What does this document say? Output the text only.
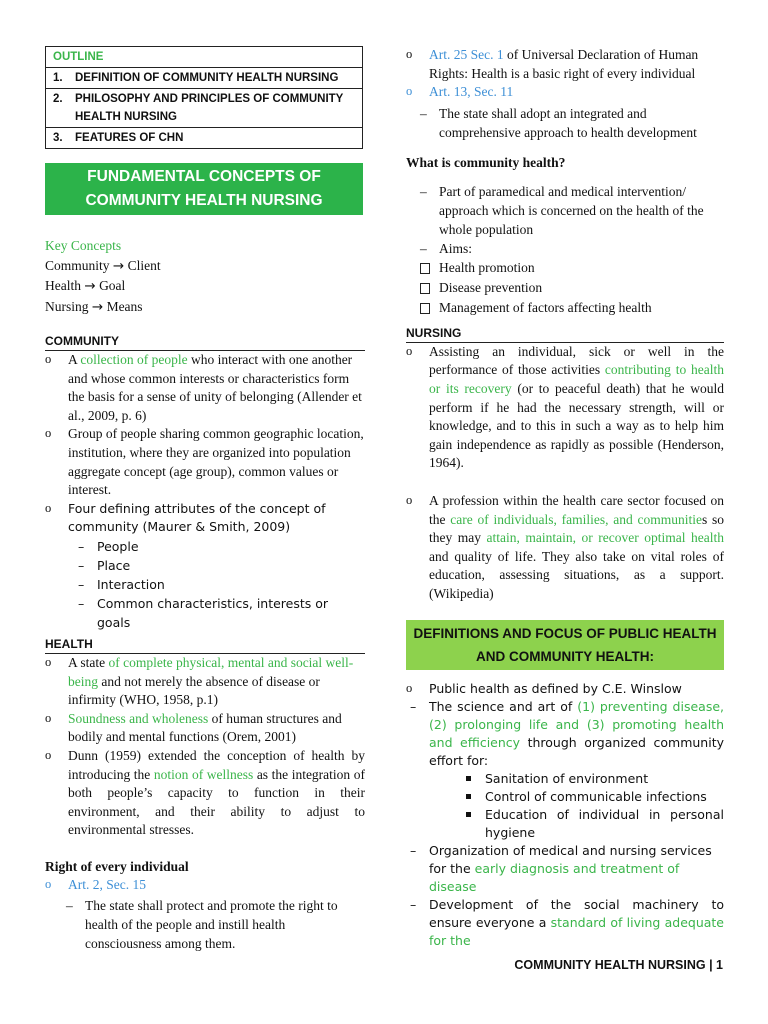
OUTLINE
1.	DEFINITION OF COMMUNITY HEALTH NURSING
2.	PHILOSOPHY AND PRINCIPLES OF COMMUNITY HEALTH NURSING
3.	FEATURES OF CHN
FUNDAMENTAL CONCEPTS OF COMMUNITY HEALTH NURSING
Key Concepts
Community → Client
Health → Goal
Nursing → Means
COMMUNITY
o A collection of people who interact with one another and whose common interests or characteristics form the basis for a sense of unity of belonging (Allender et al., 2009, p. 6)
o Group of people sharing common geographic location, institution, where they are organized into population aggregate concept (age group), common values or interest.
o Four defining attributes of the concept of community (Maurer & Smith, 2009)
– People
– Place
– Interaction
– Common characteristics, interests or goals
HEALTH
o A state of complete physical, mental and social well-being and not merely the absence of disease or infirmity (WHO, 1958, p.1)
o Soundness and wholeness of human structures and bodily and mental functions (Orem, 2001)
o Dunn (1959) extended the conception of health by introducing the notion of wellness as the integration of both people’s capacity to function in their environment, and their ability to adjust to environmental stresses.

Right of every individual

o Art. 2, Sec. 15
– The state shall protect and promote the right to health of the people and instill health consciousness among them.
o Art. 25 Sec. 1 of Universal Declaration of Human Rights: Health is a basic right of every individual
o Art. 13, Sec. 11
– The state shall adopt an integrated and comprehensive approach to health development

What is community health?

– Part of paramedical and medical intervention/ approach which is concerned on the health of the whole population
– Aims:
Health promotion
Disease prevention
Management of factors affecting health
NURSING
o Assisting an individual, sick or well in the performance of those activities contributing to health or its recovery (or to peaceful death) that he would perform if he had the necessary strength, will or knowledge, and to this in such a way as to help him gain independence as rapidly as possible (Henderson, 1964).
o A profession within the health care sector focused on the care of individuals, families, and communities so they may attain, maintain, or recover optimal health and quality of life. They also take on vital roles of education, assessing situations, as a support. (Wikipedia)
DEFINITIONS AND FOCUS OF PUBLIC HEALTH AND COMMUNITY HEALTH:
o Public health as defined by C.E. Winslow
– The science and art of (1) preventing disease, (2) prolonging life and (3) promoting health and efficiency through organized community effort for:
Sanitation of environment
Control of communicable infections
Education of individual in personal hygiene
– Organization of medical and nursing services for the early diagnosis and treatment of disease
– Development of the social machinery to ensure everyone a standard of living adequate for the
COMMUNITY HEALTH NURSING | 1
